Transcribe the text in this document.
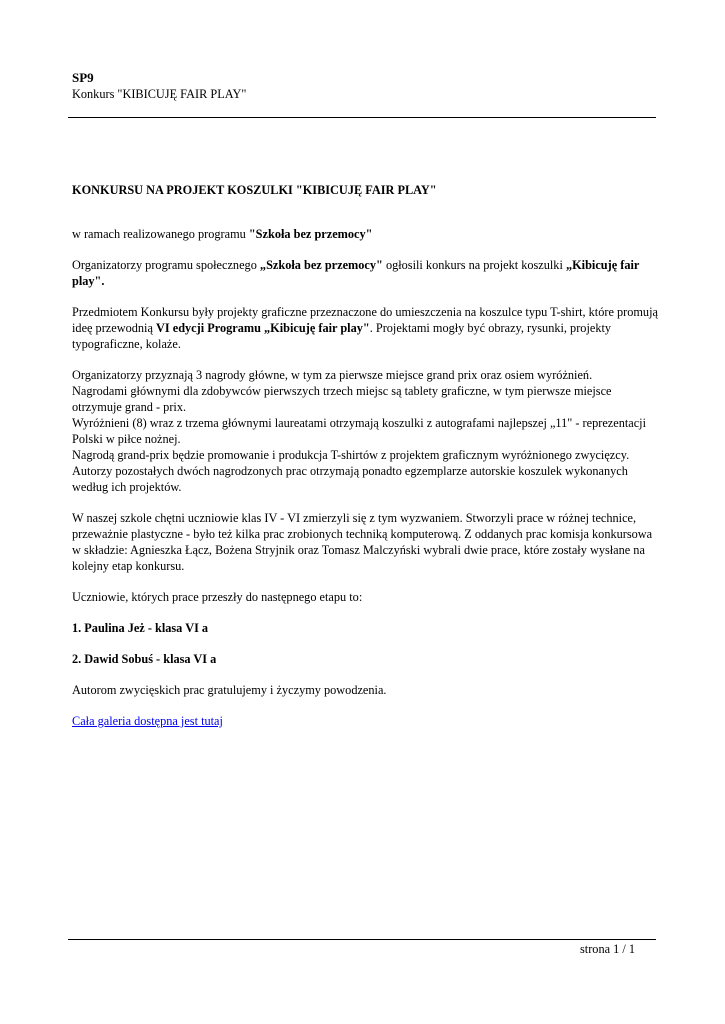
SP9
Konkurs "KIBICUJĘ FAIR PLAY"

KONKURSU NA PROJEKT KOSZULKI "KIBICUJĘ FAIR PLAY"

w ramach realizowanego programu "Szkoła bez przemocy"

Organizatorzy programu społecznego „Szkoła bez przemocy" ogłosili konkurs na projekt koszulki „Kibicuję fair play".

Przedmiotem Konkursu były projekty graficzne przeznaczone do umieszczenia na koszulce typu T-shirt, które promują ideę przewodnią VI edycji Programu „Kibicuję fair play". Projektami mogły być obrazy, rysunki, projekty typograficzne, kolaże.

Organizatorzy przyznają 3 nagrody główne, w tym za pierwsze miejsce grand prix oraz osiem wyróżnień.
Nagrodami głównymi dla zdobywców pierwszych trzech miejsc są tablety graficzne, w tym pierwsze miejsce otrzymuje grand - prix.
Wyróżnieni (8) wraz z trzema głównymi laureatami otrzymają koszulki z autografami najlepszej „11" - reprezentacji Polski w piłce nożnej.
Nagrodą grand-prix będzie promowanie i produkcja T-shirtów z projektem graficznym wyróżnionego zwycięzcy.
Autorzy pozostałych dwóch nagrodzonych prac otrzymają ponadto egzemplarze autorskie koszulek wykonanych według ich projektów.

W naszej szkole chętni uczniowie klas IV - VI zmierzyli się z tym wyzwaniem. Stworzyli prace w różnej technice, przeważnie plastyczne - było też kilka prac zrobionych techniką komputerową. Z oddanych prac komisja konkursowa w składzie: Agnieszka Łącz, Bożena Stryjnik oraz Tomasz Malczyński wybrali dwie prace, które zostały wysłane na kolejny etap konkursu.

Uczniowie, których prace przeszły do następnego etapu to:

1. Paulina Jeż - klasa VI a

2. Dawid Sobuś - klasa VI a

Autorom zwycięskich prac gratulujemy i życzymy powodzenia.

Cała galeria dostępna jest tutaj

strona 1 / 1
